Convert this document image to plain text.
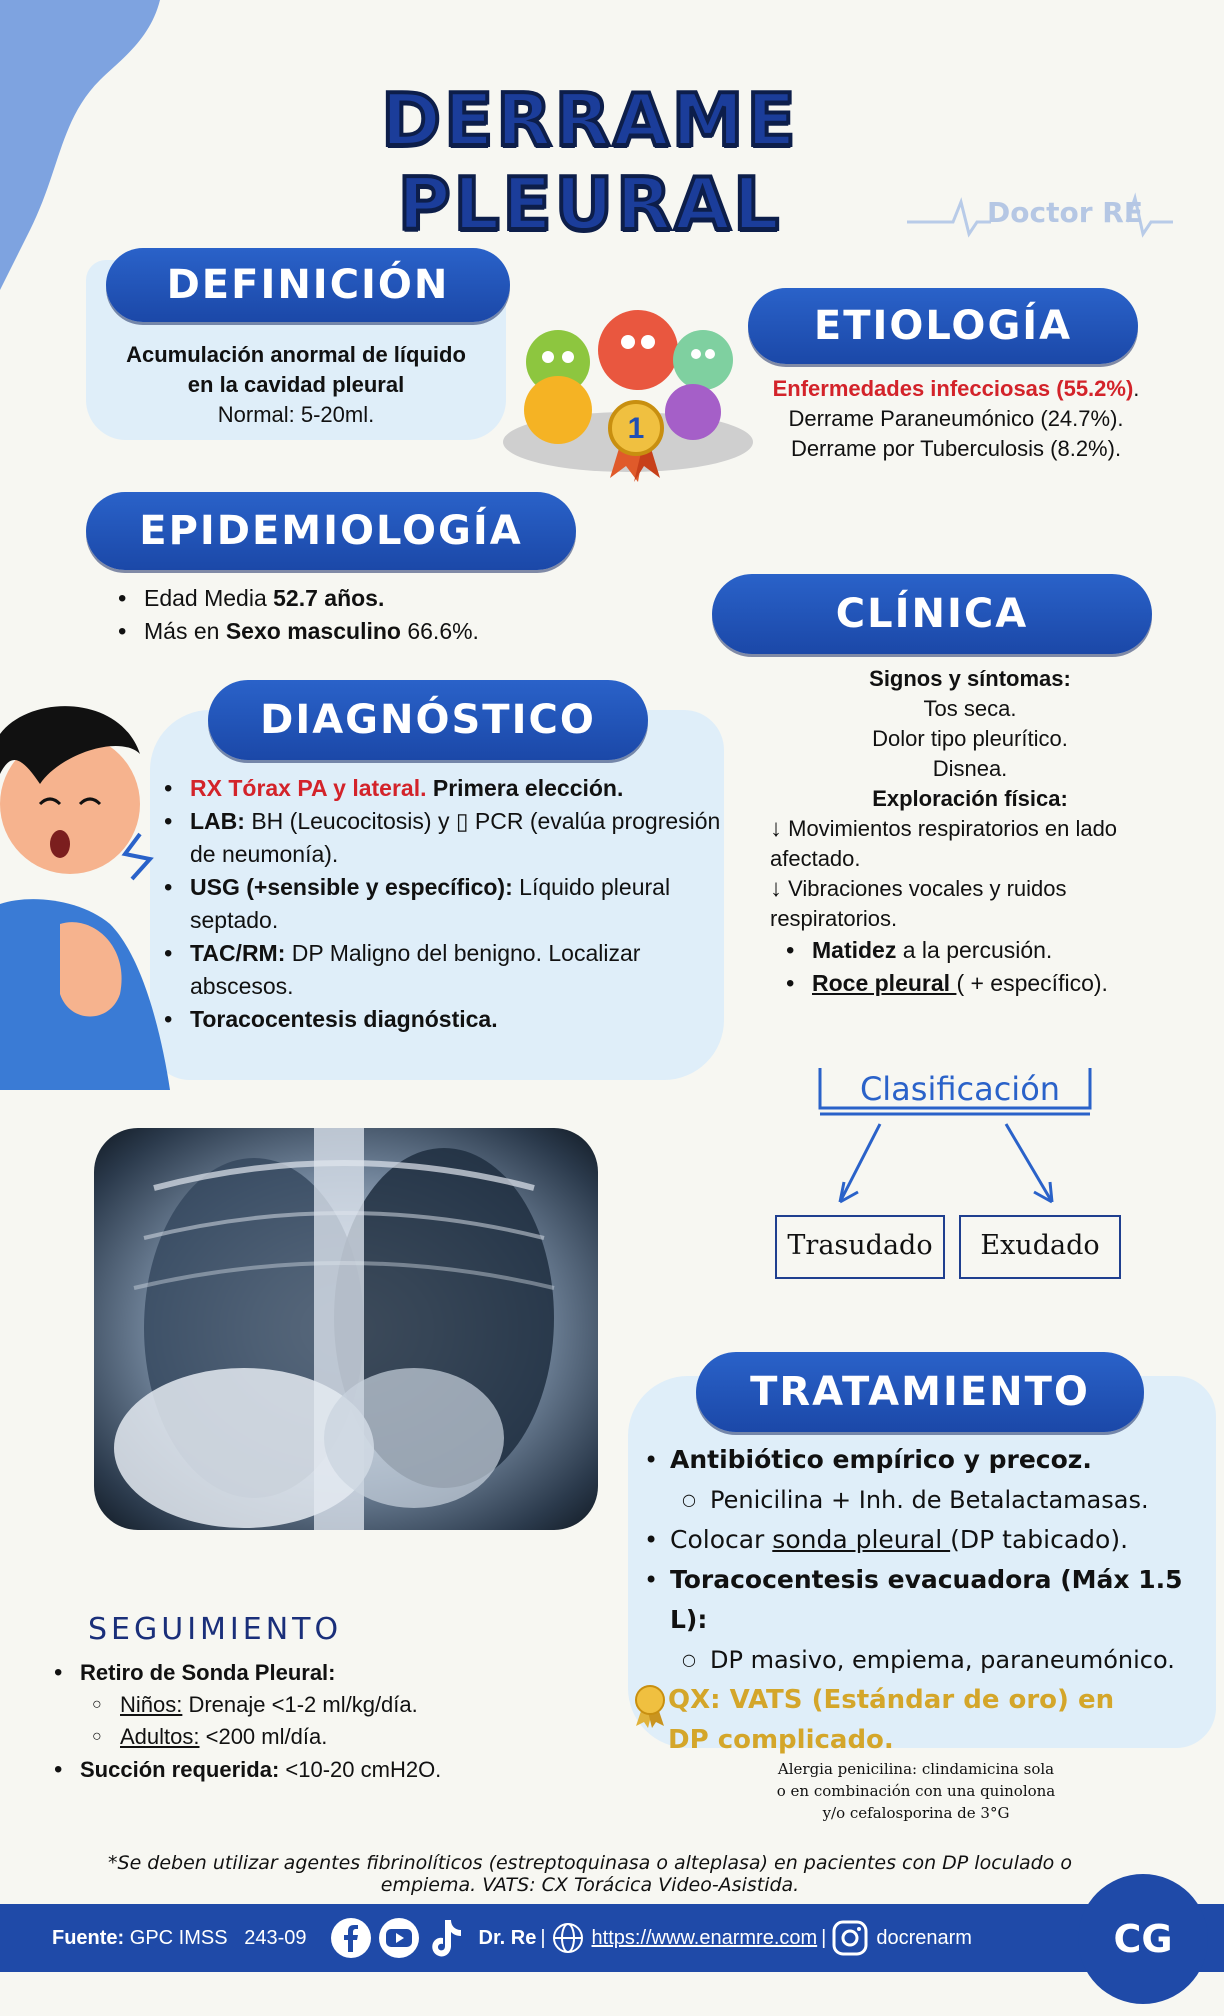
DERRAME PLEURAL	Doctor RE
DEFINICIÓN
Acumulación anormal de líquido
en la cavidad pleural
Normal: 5-20ml.	1
ETIOLOGÍA
Enfermedades infecciosas (55.2%).
Derrame Paraneumónico (24.7%).
Derrame por Tuberculosis (8.2%).
EPIDEMIOLOGÍA
• Edad Media 52.7 años.
• Más en Sexo masculino 66.6%.	CLÍNICA
Signos y síntomas:
Tos seca.
Dolor tipo pleurítico.
Disnea.
Exploración física:
↓ Movimientos respiratorios en lado afectado.
↓ Vibraciones vocales y ruidos respiratorios.
• Matidez a la percusión.
• Roce pleural ( + específico).
DIAGNÓSTICO
• RX Tórax PA y lateral. Primera elección.
• LAB: BH (Leucocitosis) y ▯ PCR (evalúa progresión de neumonía).
• USG (+sensible y específico): Líquido pleural septado.
• TAC/RM: DP Maligno del benigno. Localizar abscesos.
• Toracocentesis diagnóstica.
Clasificación
Trasudado	Exudado
TRATAMIENTO
• Antibiótico empírico y precoz.
○ Penicilina + Inh. de Betalactamasas.
• Colocar sonda pleural (DP tabicado).
• Toracocentesis evacuadora (Máx 1.5 L):
○ DP masivo, empiema, paraneumónico.
QX: VATS (Estándar de oro) en DP complicado.
Alergia penicilina: clindamicina sola
o en combinación con una quinolona
y/o cefalosporina de 3°G
SEGUIMIENTO
• Retiro de Sonda Pleural:
○ Niños: Drenaje <1-2 ml/kg/día.
○ Adultos: <200 ml/día.
• Succión requerida: <10-20 cmH2O.
*Se deben utilizar agentes fibrinolíticos (estreptoquinasa o alteplasa) en pacientes con DP loculado o empiema. VATS: CX Torácica Video-Asistida.
Fuente: GPC IMSS   243-09	Dr. Re | https://www.enarmre.com |	docrenarm	CG
